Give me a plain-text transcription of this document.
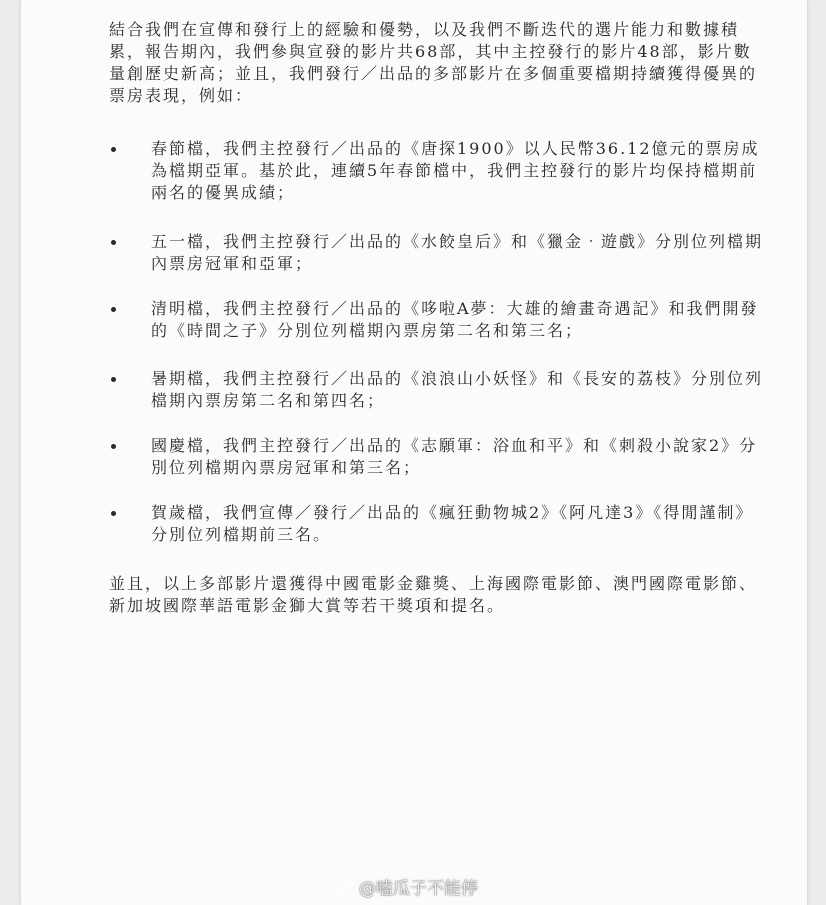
結合我們在宣傳和發行上的經驗和優勢，以及我們不斷迭代的選片能力和數據積累，報告期內，我們參與宣發的影片共68部，其中主控發行的影片48部，影片數量創歷史新高；並且，我們發行／出品的多部影片在多個重要檔期持續獲得優異的票房表現，例如：
春節檔，我們主控發行／出品的《唐探1900》以人民幣36.12億元的票房成為檔期亞軍。基於此，連續5年春節檔中，我們主控發行的影片均保持檔期前兩名的優異成績；
五一檔，我們主控發行／出品的《水餃皇后》和《獵金‧遊戲》分別位列檔期內票房冠軍和亞軍；
清明檔，我們主控發行／出品的《哆啦A夢：大雄的繪畫奇遇記》和我們開發的《時間之子》分別位列檔期內票房第二名和第三名；
暑期檔，我們主控發行／出品的《浪浪山小妖怪》和《長安的荔枝》分別位列檔期內票房第二名和第四名；
國慶檔，我們主控發行／出品的《志願軍：浴血和平》和《刺殺小說家2》分別位列檔期內票房冠軍和第三名；
賀歲檔，我們宣傳／發行／出品的《瘋狂動物城2》《阿凡達3》《得閒謹制》分別位列檔期前三名。
並且，以上多部影片還獲得中國電影金雞獎、上海國際電影節、澳門國際電影節、新加坡國際華語電影金獅大賞等若干獎項和提名。
@嗑瓜子不能停
